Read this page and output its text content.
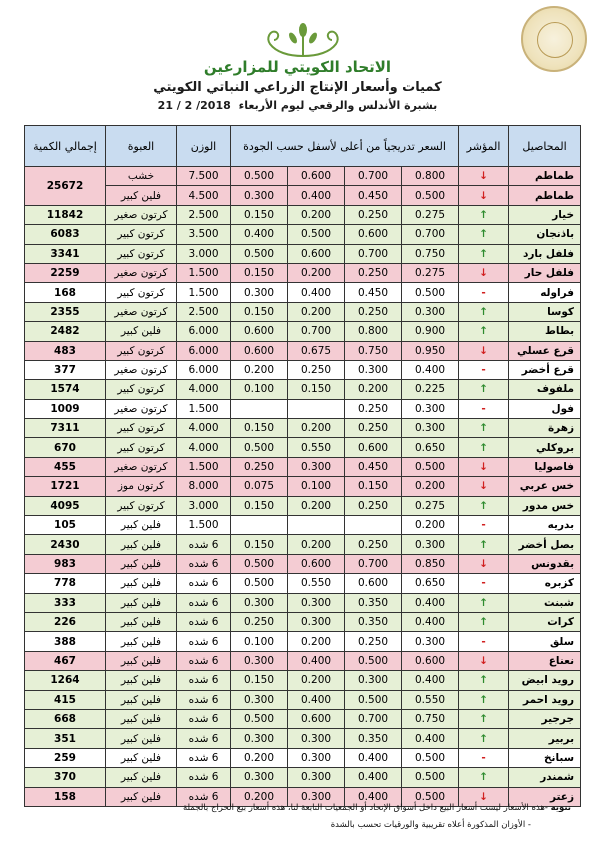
الاتحاد الكويتي للمزارعين
كميات وأسعار الإنتاج الزراعي النباتي الكويتي
بشبرة الأندلس والرقعي ليوم الأربعاء 21 / 2 /2018
المحاصيل	المؤشر	السعر تدريجياً من أعلى لأسفل حسب الجودة				الوزن	العبوة	إجمالي الكمية
طماطم	↓	0.800	0.700	0.600	0.500	7.500	خشب	25672
طماطم	↓	0.500	0.450	0.400	0.300	4.500	فلين كبير	
خيار	↑	0.275	0.250	0.200	0.150	2.500	كرتون صغير	11842
باذنجان	↑	0.700	0.600	0.500	0.400	3.500	كرتون كبير	6083
فلفل بارد	↑	0.750	0.700	0.600	0.500	3.000	كرتون كبير	3341
فلفل حار	↓	0.275	0.250	0.200	0.150	1.500	كرتون صغير	2259
فراوله	-	0.500	0.450	0.400	0.300	1.500	كرتون كبير	168
كوسا	↑	0.300	0.250	0.200	0.150	2.500	كرتون صغير	2355
بطاط	↑	0.900	0.800	0.700	0.600	6.000	فلين كبير	2482
قرع عسلي	↓	0.950	0.750	0.675	0.600	6.000	كرتون كبير	483
قرع أخضر	-	0.400	0.300	0.250	0.200	6.000	كرتون صغير	377
ملفوف	↑	0.225	0.200	0.150	0.100	4.000	كرتون كبير	1574
فول	-	0.300	0.250			1.500	كرتون صغير	1009
زهرة	↑	0.300	0.250	0.200	0.150	4.000	كرتون كبير	7311
بروكلي	↑	0.650	0.600	0.550	0.500	4.000	كرتون كبير	670
فاصوليا	↓	0.500	0.450	0.300	0.250	1.500	كرتون صغير	455
خس عربي	↓	0.200	0.150	0.100	0.075	8.000	كرتون موز	1721
خس مدور	↑	0.275	0.250	0.200	0.150	3.000	كرتون كبير	4095
بدريه	-	0.200				1.500	فلين كبير	105
بصل أخضر	↑	0.300	0.250	0.200	0.150	6 شده	فلين كبير	2430
بقدونس	↓	0.850	0.700	0.600	0.500	6 شده	فلين كبير	983
كزبره	-	0.650	0.600	0.550	0.500	6 شده	فلين كبير	778
شبنت	↑	0.400	0.350	0.300	0.300	6 شده	فلين كبير	333
كرات	↑	0.400	0.350	0.300	0.250	6 شده	فلين كبير	226
سلق	-	0.300	0.250	0.200	0.100	6 شده	فلين كبير	388
نعناع	↓	0.600	0.500	0.400	0.300	6 شده	فلين كبير	467
رويد ابيض	↑	0.400	0.300	0.200	0.150	6 شده	فلين كبير	1264
رويد احمر	↑	0.550	0.500	0.400	0.300	6 شده	فلين كبير	415
جرجير	↑	0.750	0.700	0.600	0.500	6 شده	فلين كبير	668
بربير	↑	0.400	0.350	0.300	0.300	6 شده	فلين كبير	351
سبانخ	-	0.500	0.400	0.300	0.200	6 شده	فلين كبير	259
شمندر	↑	0.500	0.400	0.300	0.300	6 شده	فلين كبير	370
زعتر	↓	0.500	0.400	0.300	0.200	6 شده	فلين كبير	158
تنويه -هذه الأسعار ليست أسعار البيع داخل أسواق الإتحاد أو الجمعيات التابعة لنا، هذه أسعار بيع الحراج بالجملة
- الأوزان المذكورة أعلاه تقريبية والورقيات تحسب بالشدة
